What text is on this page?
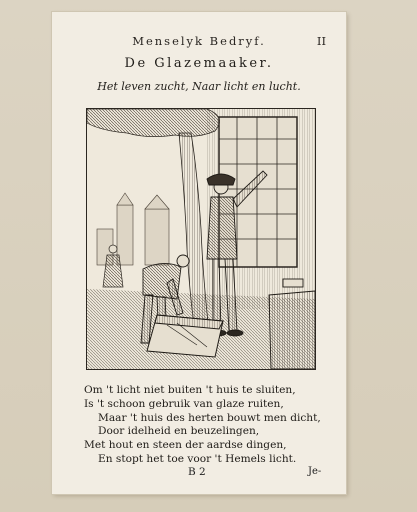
Menselyk Bedryf.	II
De Glazemaaker.
Het leven zucht, Naar licht en lucht.
Om 't licht niet buiten 't huis te sluiten,
Is 't schoon gebruik van glaze ruiten,
Maar 't huis des herten bouwt men dicht,
Door idelheid en beuzelingen,
Met hout en steen der aardse dingen,
En stopt het toe voor 't Hemels licht.
B 2	Je-
